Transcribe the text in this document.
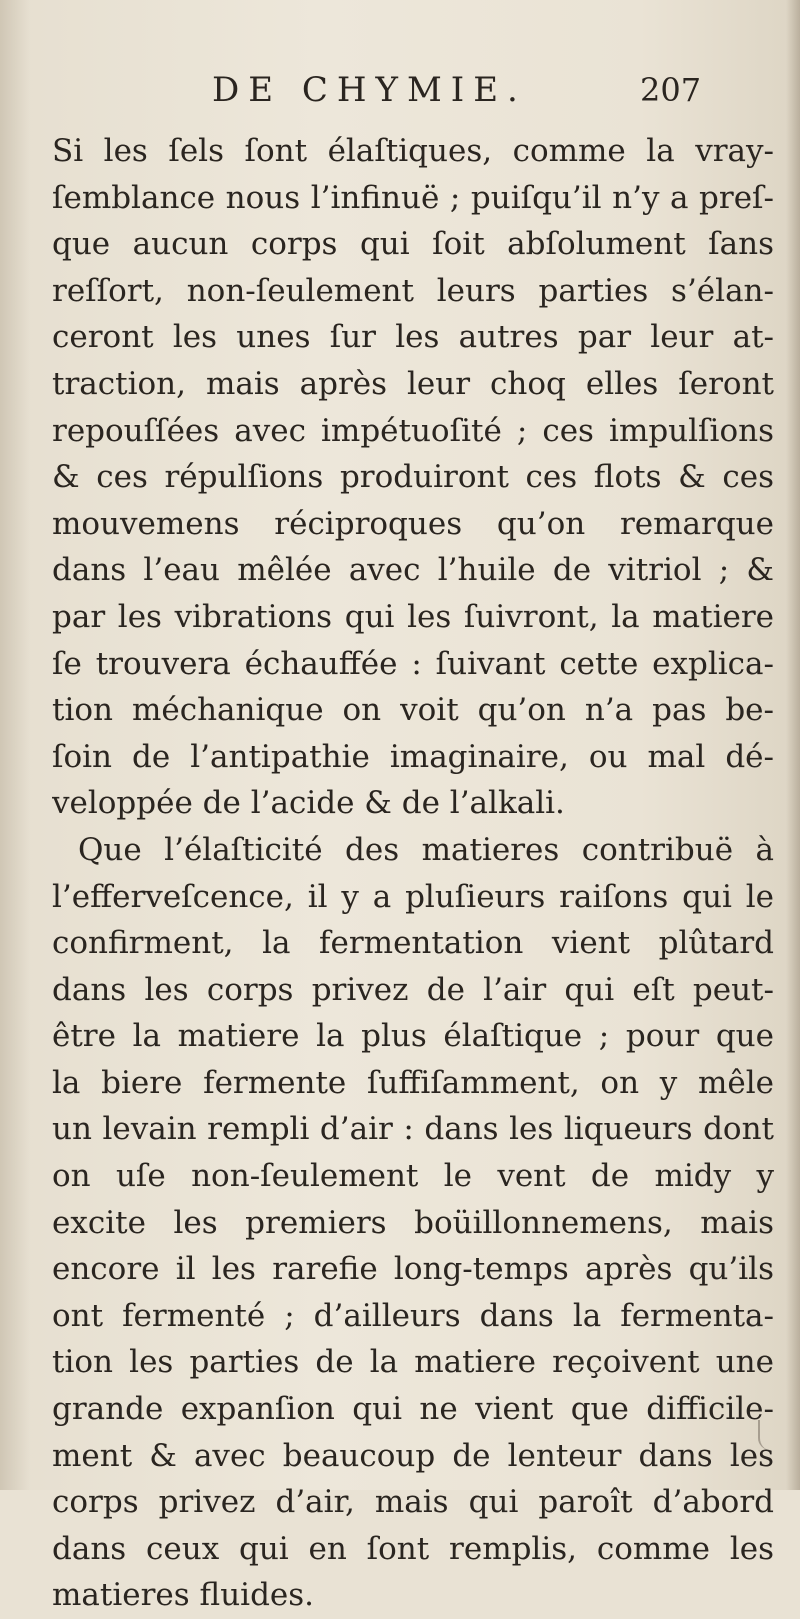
DE CHYMIE.	207
Si les ſels ſont élaſtiques, comme la vray-
ſemblance nous l’infinuë ; puiſqu’il n’y a preſ-
que aucun corps qui ſoit abſolument ſans
reſſort, non-ſeulement leurs parties s’élan-
ceront les unes ſur les autres par leur at-
traction, mais après leur choq elles ſeront
repouſſées avec impétuoſité ; ces impulſions
& ces répulſions produiront ces flots & ces
mouvemens réciproques qu’on remarque
dans l’eau mêlée avec l’huile de vitriol ; &
par les vibrations qui les ſuivront, la matiere
ſe trouvera échauffée : ſuivant cette explica-
tion méchanique on voit qu’on n’a pas be-
ſoin de l’antipathie imaginaire, ou mal dé-
veloppée de l’acide & de l’alkali.
Que l’élaſticité des matieres contribuë à
l’efferveſcence, il y a pluſieurs raiſons qui le
confirment, la fermentation vient plûtard
dans les corps privez de l’air qui eſt peut-
être la matiere la plus élaſtique ; pour que
la biere fermente ſuffiſamment, on y mêle
un levain rempli d’air : dans les liqueurs dont
on uſe non-ſeulement le vent de midy y
excite les premiers boüillonnemens, mais
encore il les rarefie long-temps après qu’ils
ont fermenté ; d’ailleurs dans la fermenta-
tion les parties de la matiere reçoivent une
grande expanſion qui ne vient que difficile-
ment & avec beaucoup de lenteur dans les
corps privez d’air, mais qui paroît d’abord
dans ceux qui en ſont remplis, comme les
matieres fluides.
